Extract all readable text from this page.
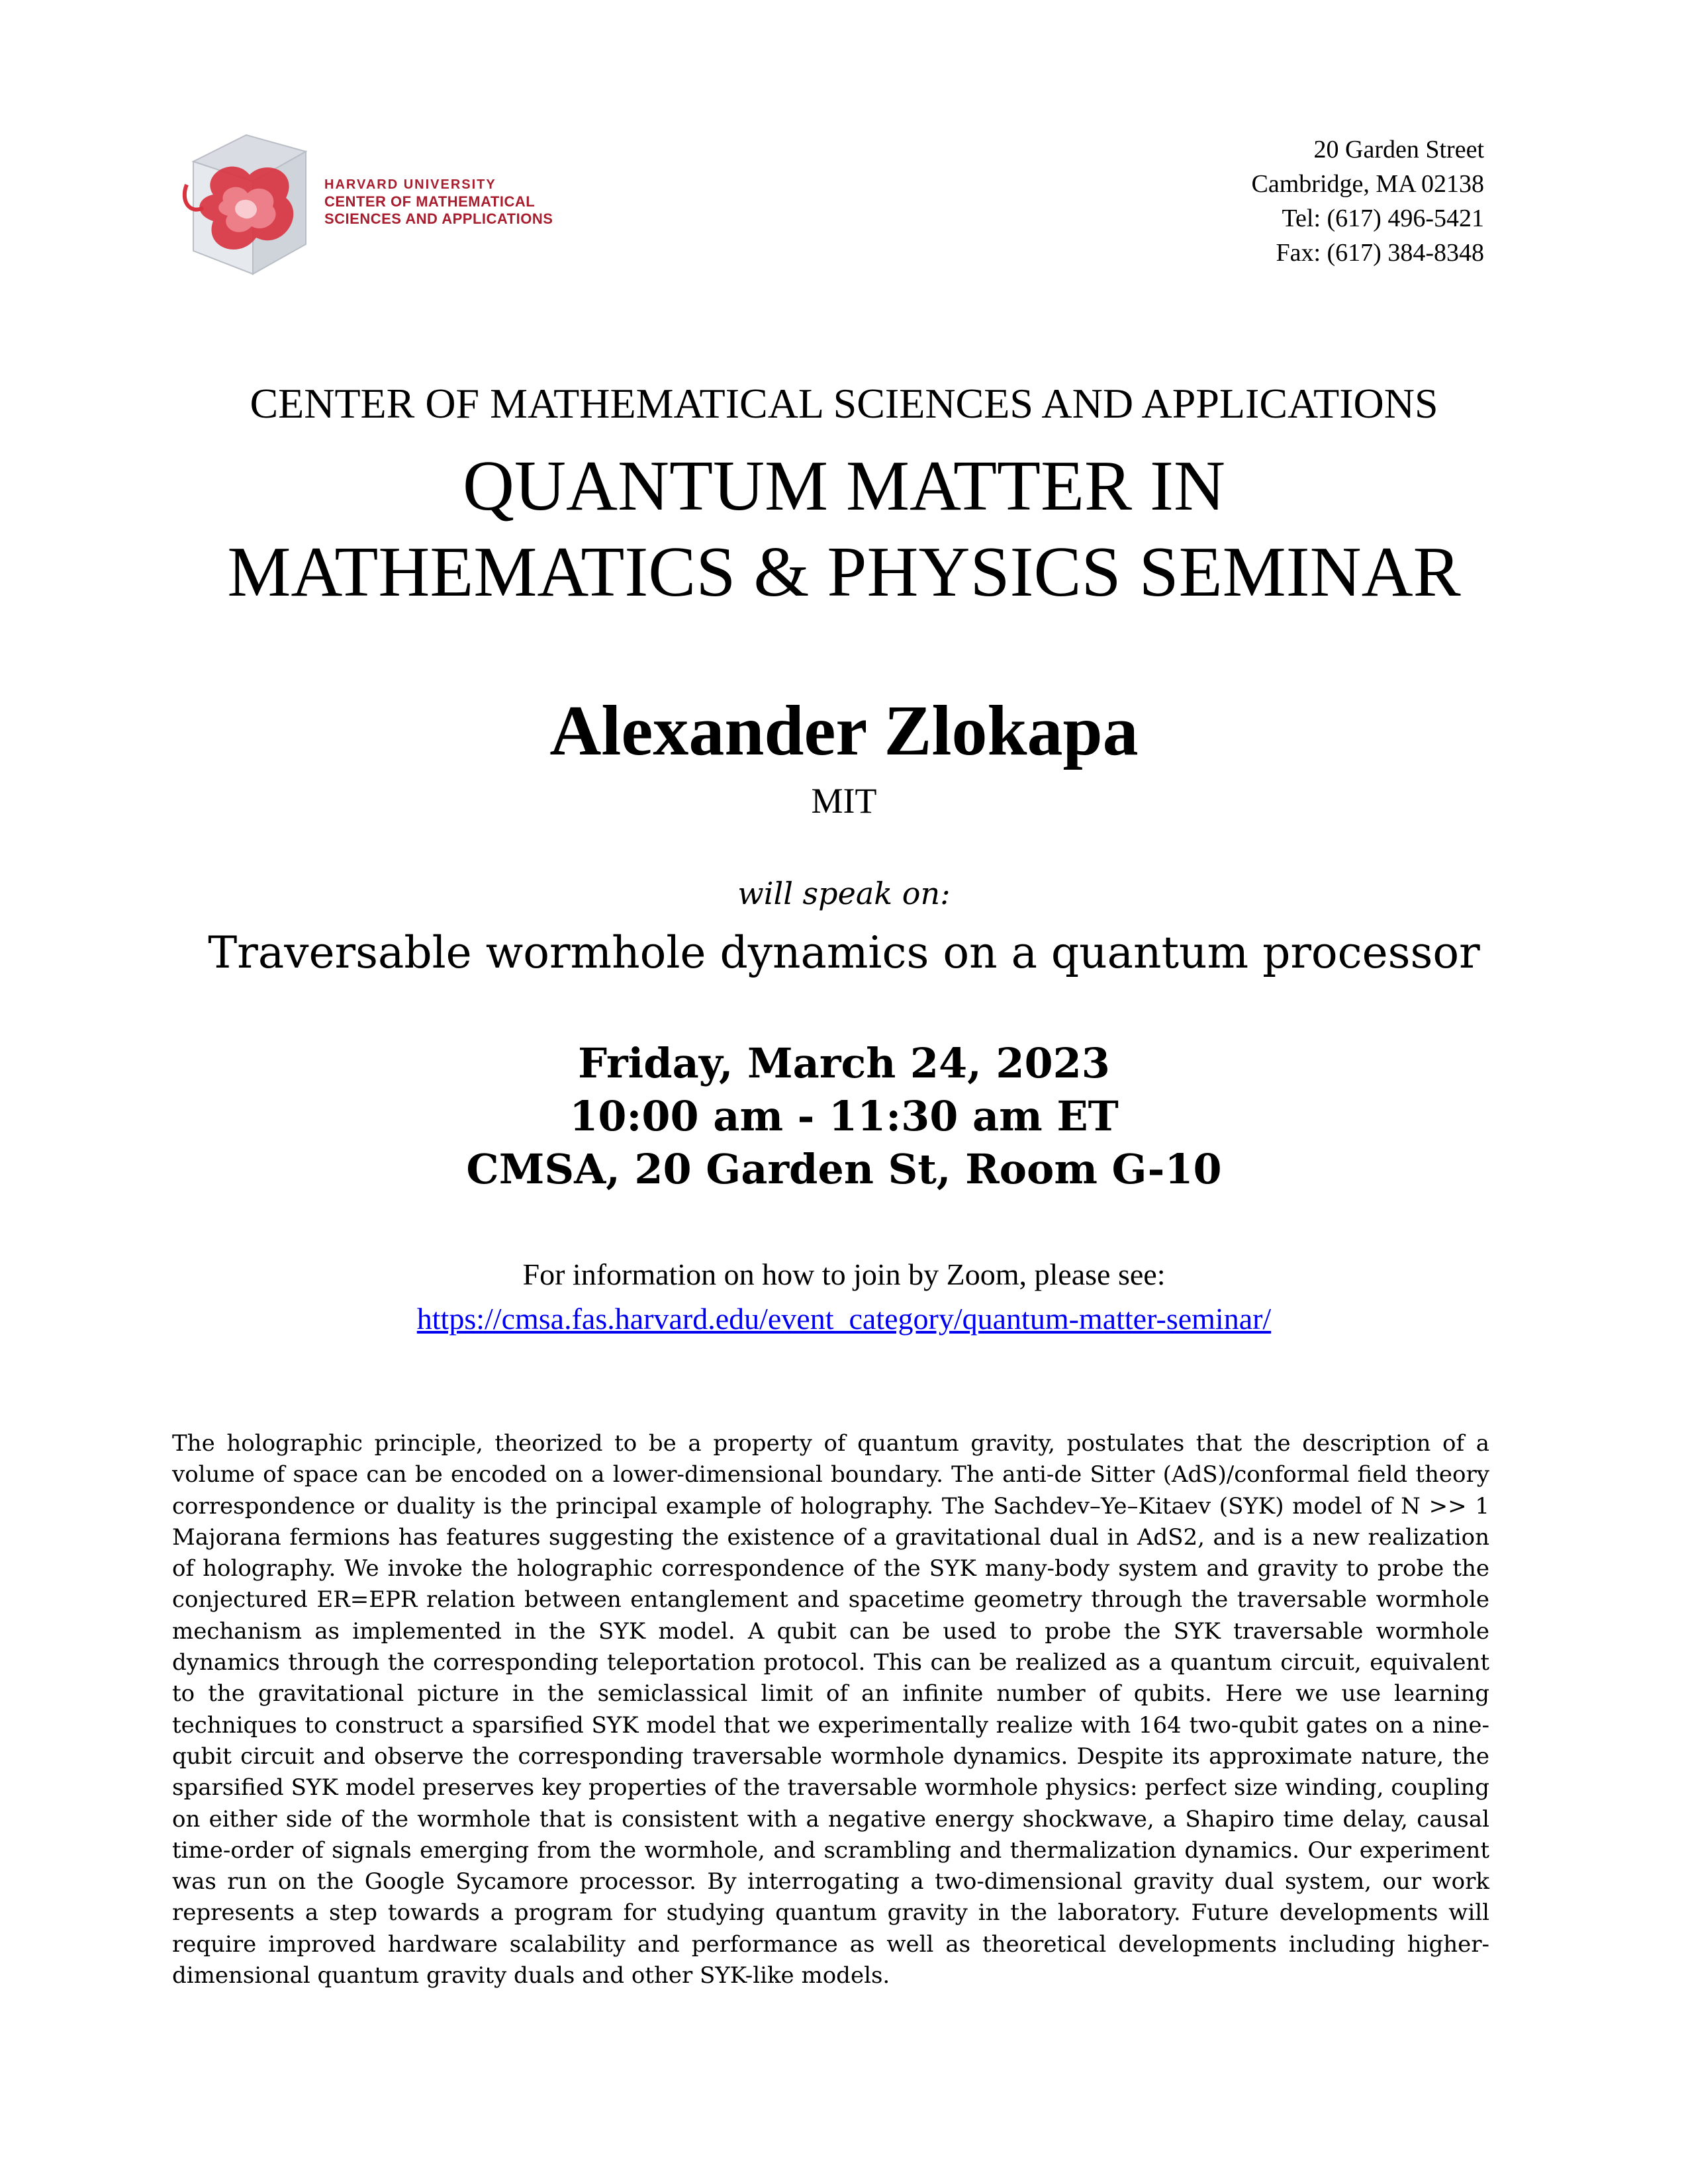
HARVARD UNIVERSITY
CENTER OF MATHEMATICAL
SCIENCES AND APPLICATIONS
20 Garden Street
Cambridge, MA 02138
Tel: (617) 496-5421
Fax: (617) 384-8348
CENTER OF MATHEMATICAL SCIENCES AND APPLICATIONS
QUANTUM MATTER IN
MATHEMATICS & PHYSICS SEMINAR
Alexander Zlokapa
MIT
will speak on:
Traversable wormhole dynamics on a quantum processor
Friday, March 24, 2023
10:00 am - 11:30 am ET
CMSA, 20 Garden St, Room G-10
For information on how to join by Zoom, please see:
https://cmsa.fas.harvard.edu/event_category/quantum-matter-seminar/

The holographic principle, theorized to be a property of quantum gravity, postulates that the description of a volume of space can be encoded on a lower-dimensional boundary. The anti-de Sitter (AdS)/conformal field theory correspondence or duality is the principal example of holography. The Sachdev–Ye–Kitaev (SYK) model of N >> 1 Majorana fermions has features suggesting the existence of a gravitational dual in AdS2, and is a new realization of holography. We invoke the holographic correspondence of the SYK many-body system and gravity to probe the conjectured ER=EPR relation between entanglement and spacetime geometry through the traversable wormhole mechanism as implemented in the SYK model. A qubit can be used to probe the SYK traversable wormhole dynamics through the corresponding teleportation protocol. This can be realized as a quantum circuit, equivalent to the gravitational picture in the semiclassical limit of an infinite number of qubits. Here we use learning techniques to construct a sparsified SYK model that we experimentally realize with 164 two-qubit gates on a nine-qubit circuit and observe the corresponding traversable wormhole dynamics. Despite its approximate nature, the sparsified SYK model preserves key properties of the traversable wormhole physics: perfect size winding, coupling on either side of the wormhole that is consistent with a negative energy shockwave, a Shapiro time delay, causal time-order of signals emerging from the wormhole, and scrambling and thermalization dynamics. Our experiment was run on the Google Sycamore processor. By interrogating a two-dimensional gravity dual system, our work represents a step towards a program for studying quantum gravity in the laboratory. Future developments will require improved hardware scalability and performance as well as theoretical developments including higher-dimensional quantum gravity duals and other SYK-like models.
